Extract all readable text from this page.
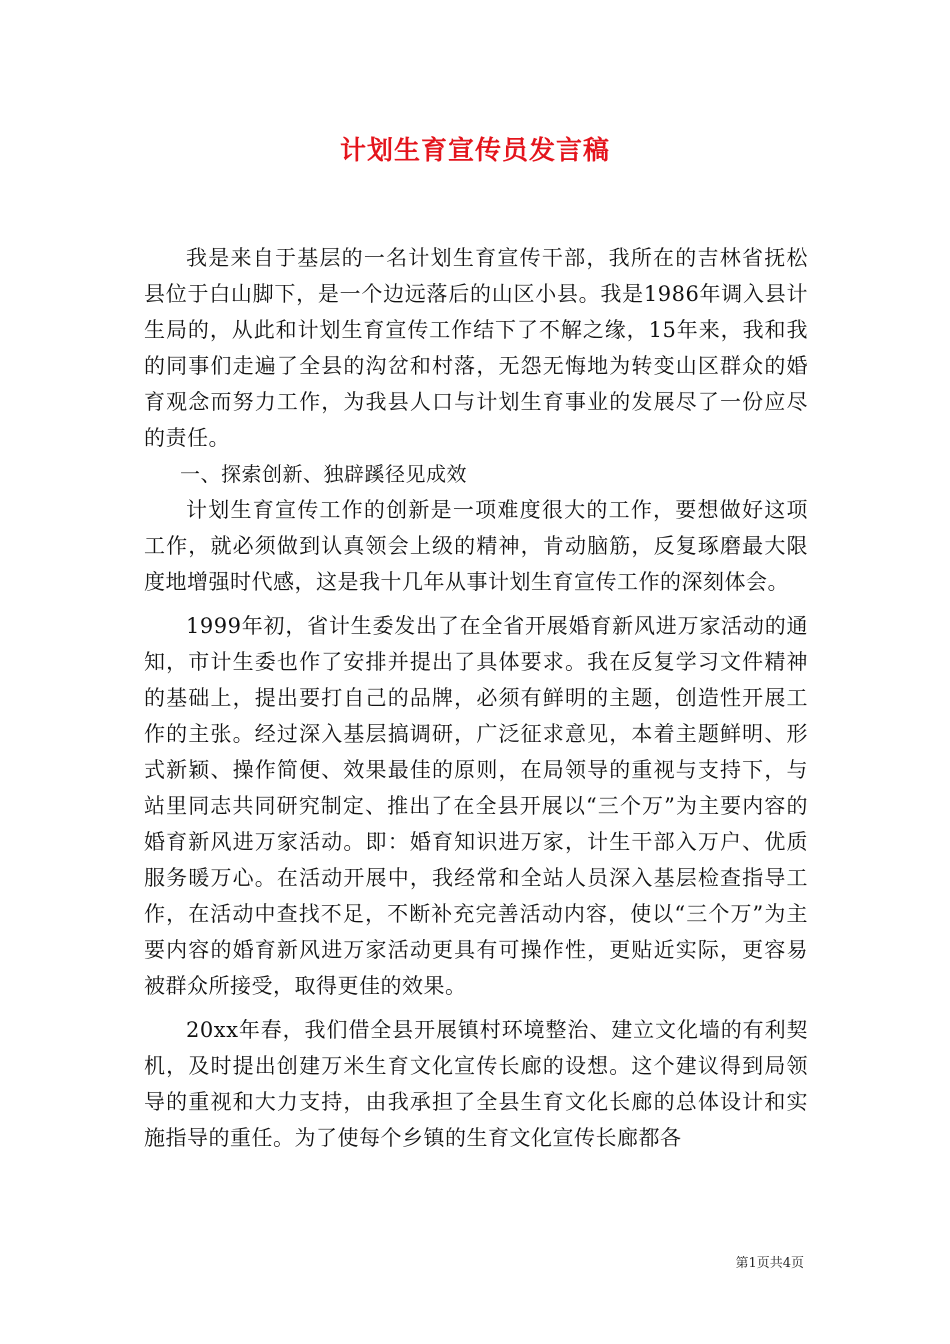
计划生育宣传员发言稿

我是来自于基层的一名计划生育宣传干部，我所在的吉林省抚松县位于白山脚下，是一个边远落后的山区小县。我是1986年调入县计生局的，从此和计划生育宣传工作结下了不解之缘，15年来，我和我的同事们走遍了全县的沟岔和村落，无怨无悔地为转变山区群众的婚育观念而努力工作，为我县人口与计划生育事业的发展尽了一份应尽的责任。

一、探索创新、独辟蹊径见成效

计划生育宣传工作的创新是一项难度很大的工作，要想做好这项工作，就必须做到认真领会上级的精神，肯动脑筋，反复琢磨最大限度地增强时代感，这是我十几年从事计划生育宣传工作的深刻体会。

1999年初，省计生委发出了在全省开展婚育新风进万家活动的通知，市计生委也作了安排并提出了具体要求。我在反复学习文件精神的基础上，提出要打自己的品牌，必须有鲜明的主题，创造性开展工作的主张。经过深入基层搞调研，广泛征求意见，本着主题鲜明、形式新颖、操作简便、效果最佳的原则，在局领导的重视与支持下，与站里同志共同研究制定、推出了在全县开展以“三个万”为主要内容的婚育新风进万家活动。即：婚育知识进万家，计生干部入万户、优质服务暖万心。在活动开展中，我经常和全站人员深入基层检查指导工作，在活动中查找不足，不断补充完善活动内容，使以“三个万”为主要内容的婚育新风进万家活动更具有可操作性，更贴近实际，更容易被群众所接受，取得更佳的效果。

20xx年春，我们借全县开展镇村环境整治、建立文化墙的有利契机，及时提出创建万米生育文化宣传长廊的设想。这个建议得到局领导的重视和大力支持，由我承担了全县生育文化长廊的总体设计和实施指导的重任。为了使每个乡镇的生育文化宣传长廊都各

第1页共4页
